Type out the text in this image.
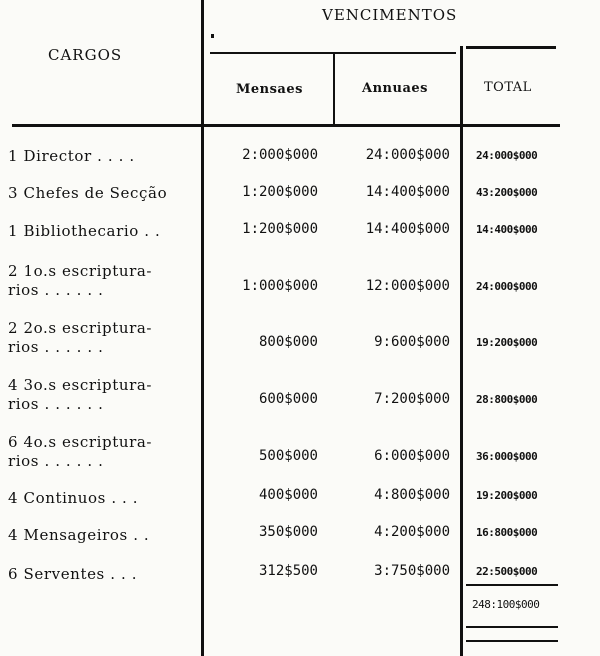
VENCIMENTOS
CARGOS
Mensaes	Annuaes	TOTAL
1 Director . . . .	2:000$000	24:000$000 24:000$000
3 Chefes de Secção	1:200$000	14:400$000 43:200$000
1 Bibliothecario . .	1:200$000	14:400$000 14:400$000
2 1o.s escriptura-
rios . . . . . .	1:000$000	12:000$000 24:000$000
2 2o.s escriptura-
rios . . . . . .	800$000	9:600$000 19:200$000
4 3o.s escriptura-
rios . . . . . .	600$000	7:200$000 28:800$000
6 4o.s escriptura-
rios . . . . . .	500$000	6:000$000 36:000$000
4 Continuos . . .	400$000	4:800$000 19:200$000
4 Mensageiros . .	350$000	4:200$000 16:800$000
6 Serventes . . .	312$500	3:750$000 22:500$000
248:100$000
